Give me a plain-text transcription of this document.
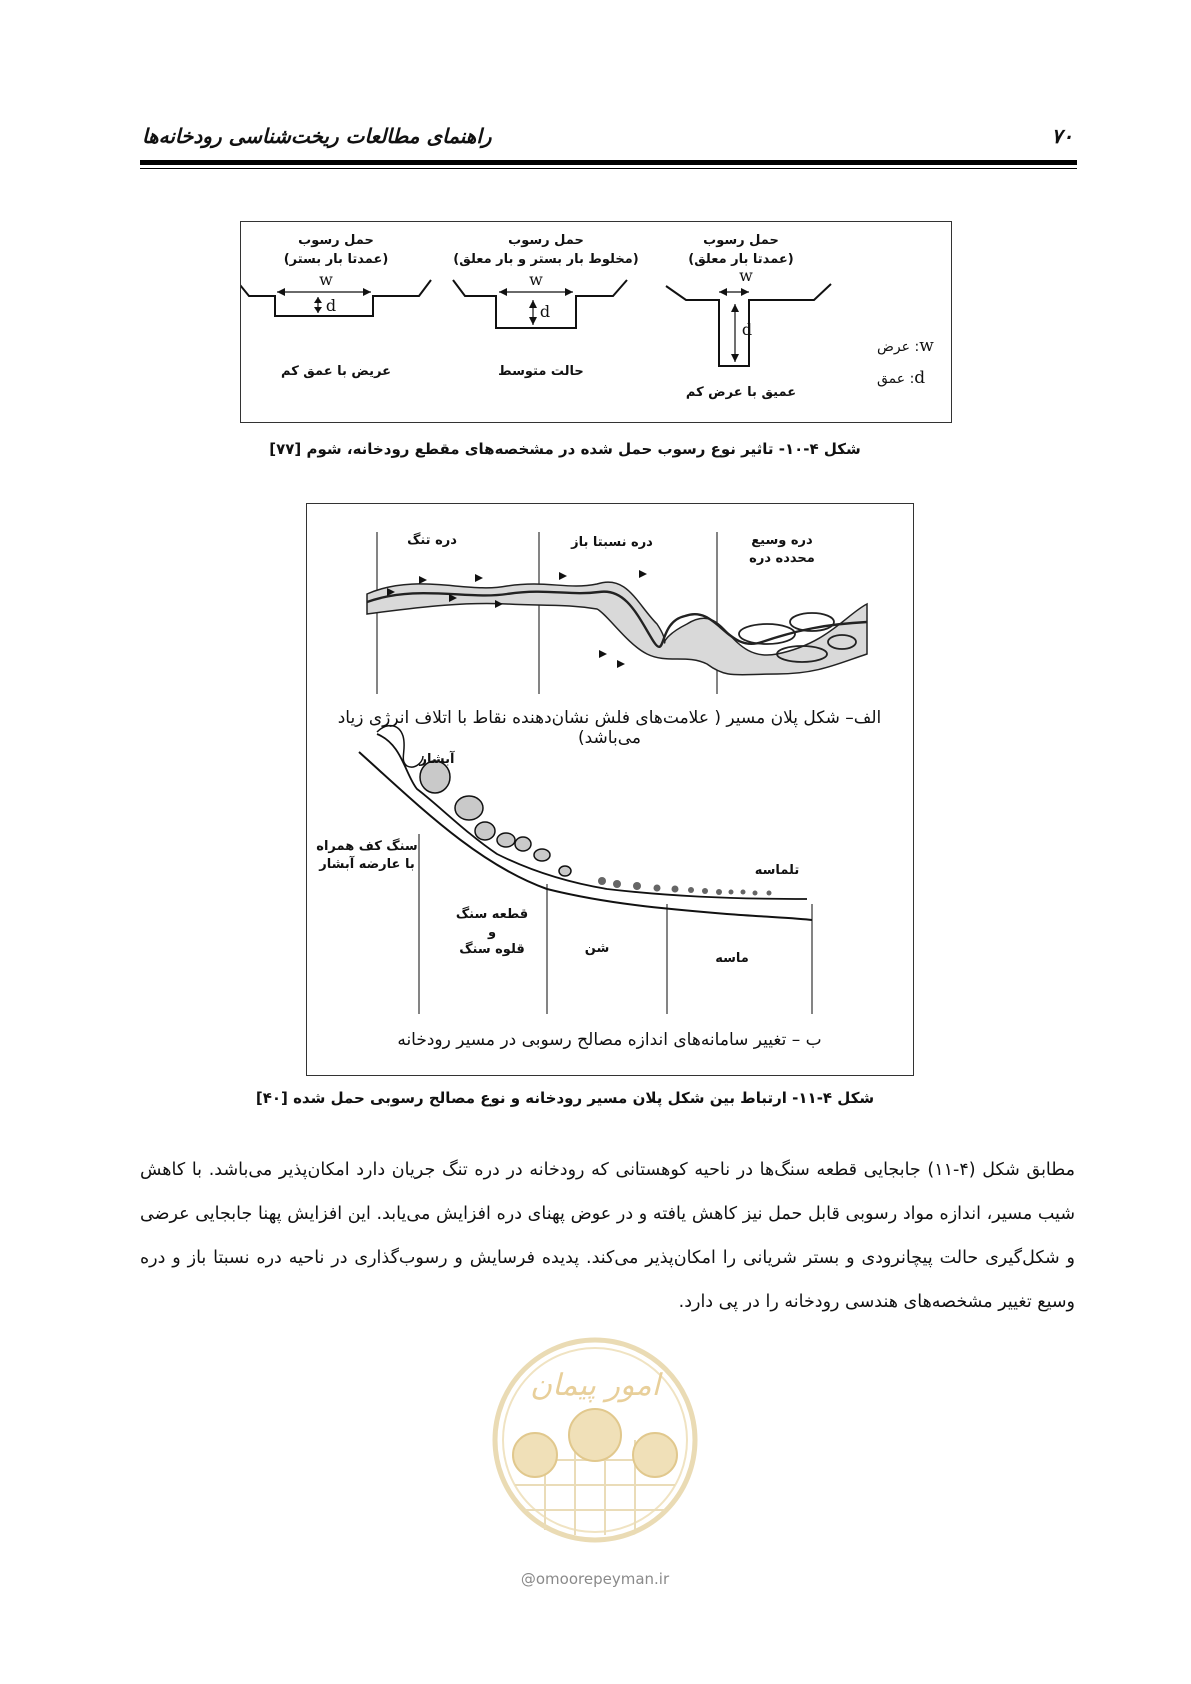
۷۰
راهنمای مطالعات ریخت‌شناسی رودخانه‌ها
w
d
w
d
w
d
حمل رسوب
(عمدتا بار معلق)
حمل رسوب
(مخلوط بار بستر و بار معلق)
حمل رسوب
(عمدتا بار بستر)
عمیق با عرض کم
حالت متوسط
عریض با عمق کم
w: عرض
d: عمق
شکل ۴-۱۰- تاثیر نوع رسوب حمل شده در مشخصه‌های مقطع رودخانه، شوم [۷۷]
دره وسیع
محدده دره
دره نسبتا باز
دره تنگ
الف– شکل پلان مسیر ( علامت‌های فلش نشان‌دهنده نقاط با اتلاف انرژی زیاد می‌باشد)
آبشار
سنگ کف همراه
با عارضه آبشار
قطعه سنگ
و
قلوه سنگ	شن
ماسه
تلماسه
ب – تغییر سامانه‌های اندازه مصالح رسوبی در مسیر رودخانه
شکل ۴-۱۱- ارتباط بین شکل پلان مسیر رودخانه و نوع مصالح رسوبی حمل شده [۴۰]
مطابق شکل (۴-۱۱) جابجایی قطعه سنگ‌ها در ناحیه کوهستانی که رودخانه در دره تنگ جریان دارد امکان‌پذیر می‌باشد. با کاهش شیب مسیر، اندازه مواد رسوبی قابل حمل نیز کاهش یافته و در عوض پهنای دره افزایش می‌یابد. این افزایش پهنا جابجایی عرضی و شکل‌گیری حالت پیچانرودی و بستر شریانی را امکان‌پذیر می‌کند. پدیده فرسایش و رسوب‌گذاری در ناحیه دره نسبتا باز و دره وسیع تغییر مشخصه‌های هندسی رودخانه را در پی دارد.
امور پیمان
@omoorepeyman.ir
